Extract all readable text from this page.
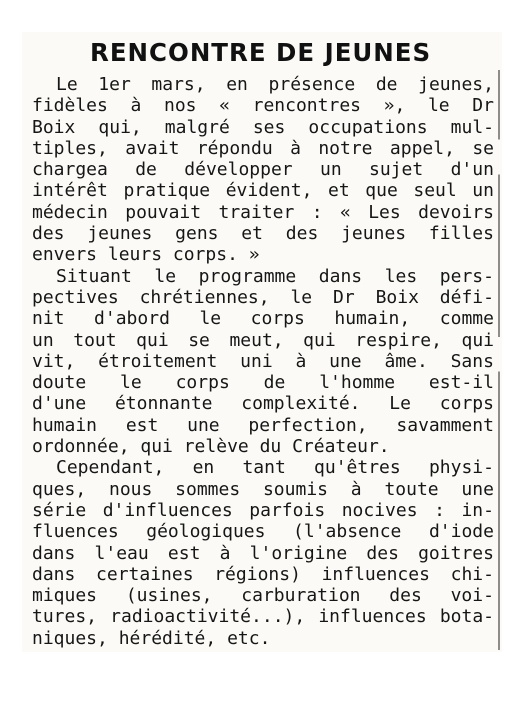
RENCONTRE DE JEUNES
Le 1er mars, en présence de jeunes,
fidèles à nos « rencontres », le Dr
Boix qui, malgré ses occupations mul-
tiples, avait répondu à notre appel, se
chargea de développer un sujet d'un
intérêt pratique évident, et que seul un
médecin pouvait traiter : « Les devoirs
des jeunes gens et des jeunes filles
envers leurs corps. »
Situant le programme dans les pers-
pectives chrétiennes, le Dr Boix défi-
nit d'abord le corps humain, comme
un tout qui se meut, qui respire, qui
vit, étroitement uni à une âme. Sans
doute le corps de l'homme est-il
d'une étonnante complexité. Le corps
humain est une perfection, savamment
ordonnée, qui relève du Créateur.
Cependant, en tant qu'êtres physi-
ques, nous sommes soumis à toute une
série d'influences parfois nocives : in-
fluences géologiques (l'absence d'iode
dans l'eau est à l'origine des goitres
dans certaines régions) influences chi-
miques (usines, carburation des voi-
tures, radioactivité...), influences bota-
niques, hérédité, etc.
